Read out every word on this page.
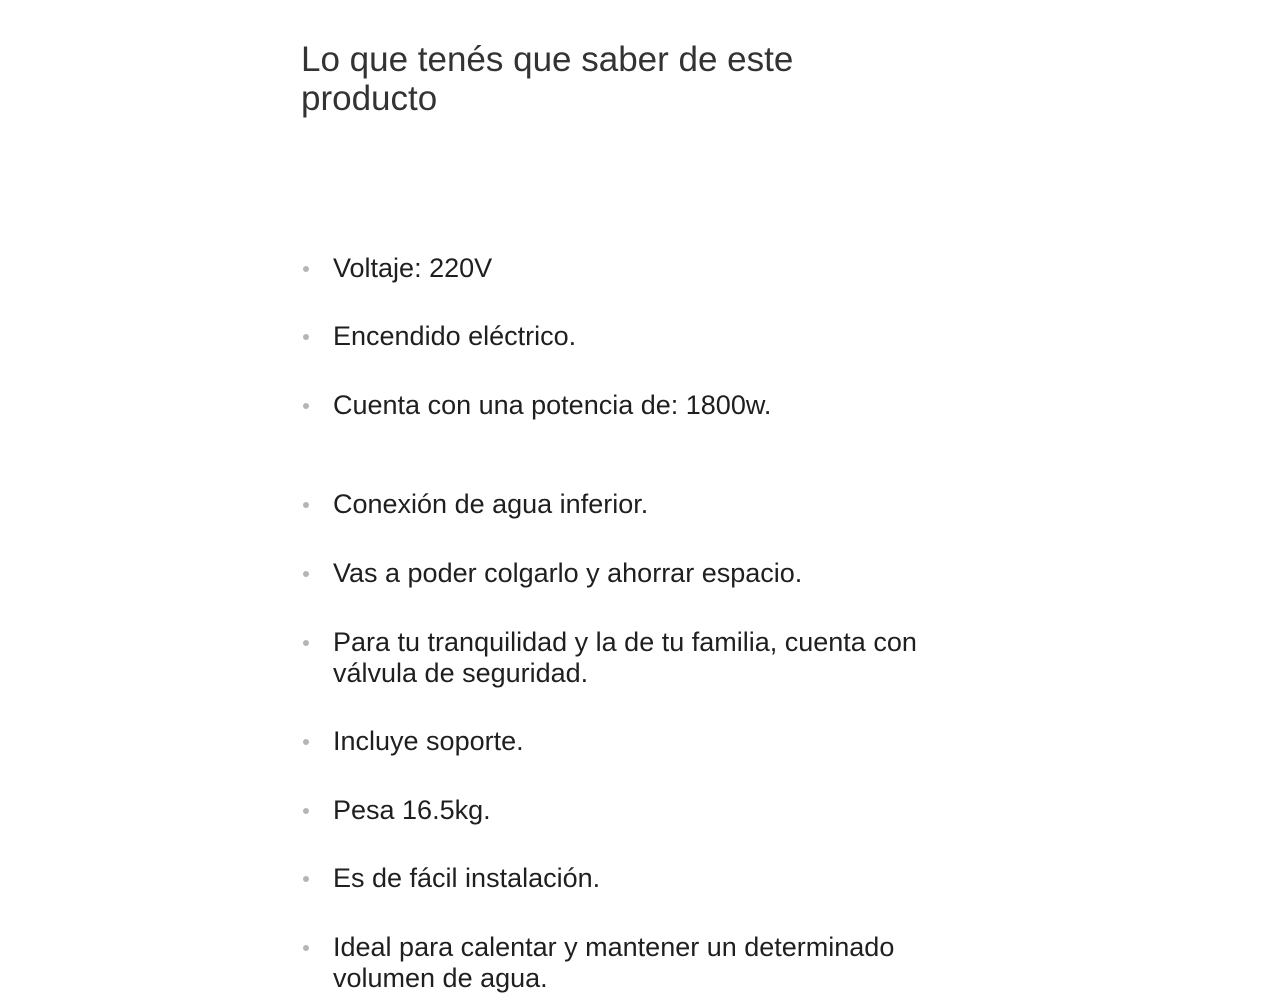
Lo que tenés que saber de este producto
Voltaje: 220V
Encendido eléctrico.
Cuenta con una potencia de: 1800w.
Conexión de agua inferior.
Vas a poder colgarlo y ahorrar espacio.
Para tu tranquilidad y la de tu familia, cuenta con válvula de seguridad.
Incluye soporte.
Pesa 16.5kg.
Es de fácil instalación.
Ideal para calentar y mantener un determinado volumen de agua.
